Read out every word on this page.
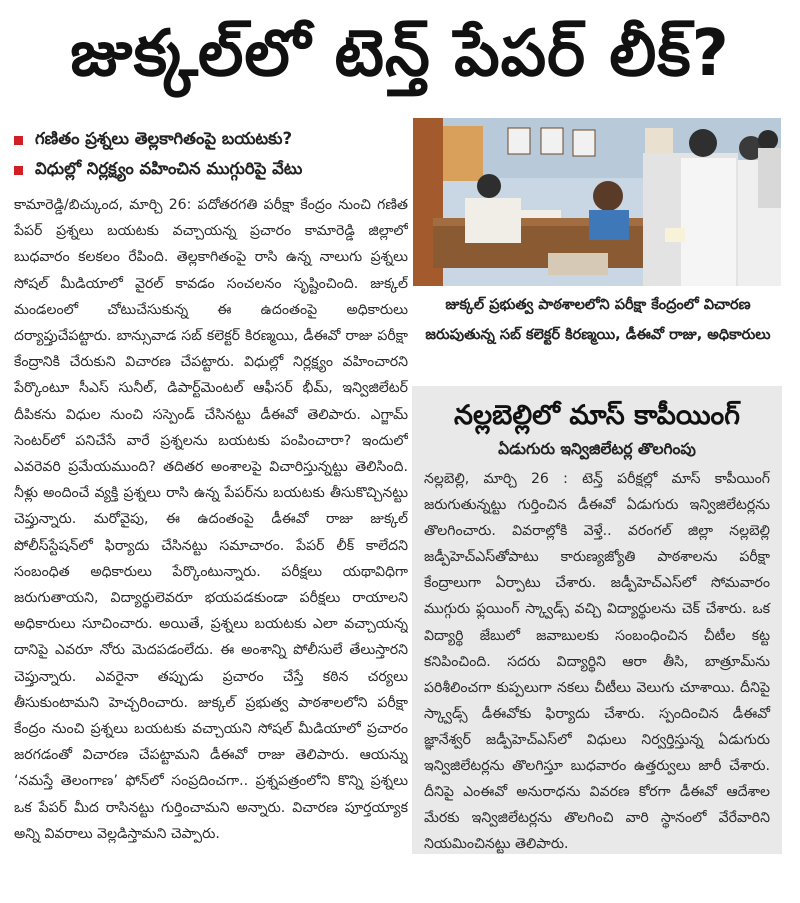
జుక్కల్‌లో టెన్త్‌ పేపర్‌ లీక్‌?
గణితం ప్రశ్నలు తెల్లకాగితంపై బయటకు?
విధుల్లో నిర్లక్ష్యం వహించిన ముగ్గురిపై వేటు
కామారెడ్డి/బిచ్కుంద, మార్చి 26: పదోతరగతి పరీక్షా కేంద్రం నుంచి గణిత పేపర్‌ ప్రశ్నలు బయటకు వచ్చాయన్న ప్రచారం కామారెడ్డి జిల్లాలో బుధవారం కలకలం రేపింది. తెల్లకాగితంపై రాసి ఉన్న నాలుగు ప్రశ్నలు సోషల్‌ మీడియాలో వైరల్‌ కావడం సంచలనం సృష్టించింది. జుక్కల్‌ మండలంలో చోటుచేసుకున్న ఈ ఉదంతంపై అధికారులు దర్యాప్తుచేపట్టారు. బాన్సువాడ సబ్‌ కలెక్టర్‌ కిరణ్మయి, డీఈవో రాజు పరీక్షా కేంద్రానికి చేరుకుని విచారణ చేపట్టారు. విధుల్లో నిర్లక్ష్యం వహించారని పేర్కొంటూ సీఎస్‌ సునీల్‌, డిపార్ట్‌మెంటల్‌ ఆఫీసర్‌ భీమ్‌, ఇన్విజిలేటర్‌ దీపికను విధుల నుంచి సస్పెండ్‌ చేసినట్టు డీఈవో తెలిపారు. ఎగ్జామ్‌ సెంటర్‌లో పనిచేసే వారే ప్రశ్నలను బయటకు పంపించారా? ఇందులో ఎవరెవరి ప్రమేయముంది? తదితర అంశాలపై విచారిస్తున్నట్టు తెలిసింది. నీళ్లు అందించే వ్యక్తి ప్రశ్నలు రాసి ఉన్న పేపర్‌ను బయటకు తీసుకొచ్చినట్టు చెప్తున్నారు. మరోవైపు, ఈ ఉదంతంపై డీఈవో రాజు జుక్కల్‌ పోలీస్‌స్టేషన్‌లో ఫిర్యాదు చేసినట్టు సమాచారం. పేపర్‌ లీక్‌ కాలేదని సంబంధిత అధికారులు పేర్కొంటున్నారు. పరీక్షలు యథావిధిగా జరుగుతాయని, విద్యార్థులెవరూ భయపడకుండా పరీక్షలు రాయాలని అధికారులు సూచించారు. అయితే, ప్రశ్నలు బయటకు ఎలా వచ్చాయన్న దానిపై ఎవరూ నోరు మెదపడంలేదు. ఈ అంశాన్ని పోలీసులే తేలుస్తారని చెప్తున్నారు. ఎవరైనా తప్పుడు ప్రచారం చేస్తే కఠిన చర్యలు తీసుకుంటామని హెచ్చరించారు. జుక్కల్‌ ప్రభుత్వ పాఠశాలలోని పరీక్షా కేంద్రం నుంచి ప్రశ్నలు బయటకు వచ్చాయని సోషల్‌ మీడియాలో ప్రచారం జరగడంతో విచారణ చేపట్టామని డీఈవో రాజు తెలిపారు. ఆయన్ను ‘నమస్తే తెలంగాణ’ ఫోన్‌లో సంప్రదించగా.. ప్రశ్నపత్రంలోని కొన్ని ప్రశ్నలు ఒక పేపర్‌ మీద రాసినట్టు గుర్తించామని అన్నారు. విచారణ పూర్తయ్యాక అన్ని వివరాలు వెల్లడిస్తామని చెప్పారు.
జుక్కల్‌ ప్రభుత్వ పాఠశాలలోని పరీక్షా కేంద్రంలో విచారణ జరుపుతున్న సబ్‌ కలెక్టర్‌ కిరణ్మయి, డీఈవో రాజు, అధికారులు
నల్లబెల్లిలో మాస్‌ కాపీయింగ్‌
ఏడుగురు ఇన్విజిలేటర్ల తొలగింపు
నల్లబెల్లి, మార్చి 26 : టెన్త్‌ పరీక్షల్లో మాస్‌ కాపీయింగ్‌ జరుగుతున్నట్టు గుర్తించిన డీఈవో ఏడుగురు ఇన్విజిలేటర్లను తొలగించారు. వివరాల్లోకి వెళ్తే.. వరంగల్‌ జిల్లా నల్లబెల్లి జడ్పీహెచ్‌ఎస్‌తోపాటు కారుణ్యజ్యోతి పాఠశాలను పరీక్షా కేంద్రాలుగా ఏర్పాటు చేశారు. జడ్పీహెచ్‌ఎస్‌లో సోమవారం ముగ్గురు ఫ్లయింగ్‌ స్క్వాడ్స్‌ వచ్చి విద్యార్థులను చెక్‌ చేశారు. ఒక విద్యార్థి జేబులో జవాబులకు సంబంధించిన చీటీల కట్ట కనిపించింది. సదరు విద్యార్థిని ఆరా తీసి, బాత్రూమ్‌ను పరిశీలించగా కుప్పలుగా నకలు చీటీలు వెలుగు చూశాయి. దీనిపై స్క్వాడ్స్‌ డీఈవోకు ఫిర్యాదు చేశారు. స్పందించిన డీఈవో జ్ఞానేశ్వర్‌ జడ్పీహెచ్‌ఎస్‌లో విధులు నిర్వర్తిస్తున్న ఏడుగురు ఇన్విజిలేటర్లను తొలగిస్తూ బుధవారం ఉత్తర్వులు జారీ చేశారు. దీనిపై ఎంఈవో అనురాధను వివరణ కోరగా డీఈవో ఆదేశాల మేరకు ఇన్విజిలేటర్లను తొలగించి వారి స్థానంలో వేరేవారిని నియమించినట్టు తెలిపారు.
